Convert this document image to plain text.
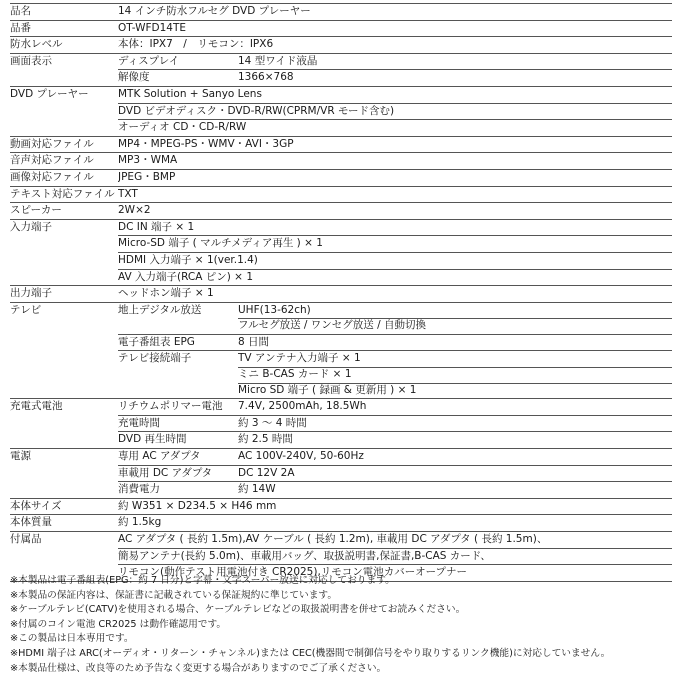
品名	14 インチ防水フルセグ DVD プレーヤー
品番	OT-WFD14TE
防水レベル	本体：IPX7　/　リモコン：IPX6
画面表示	ディスプレイ	14 型ワイド液晶
解像度	1366×768
DVD プレーヤー	MTK Solution + Sanyo Lens
DVD ビデオディスク・DVD-R/RW(CPRM/VR モード含む)
オーディオ CD・CD-R/RW
動画対応ファイル	MP4・MPEG-PS・WMV・AVI・3GP
音声対応ファイル	MP3・WMA
画像対応ファイル	JPEG・BMP
テキスト対応ファイル TXT
スピーカー	2W×2
入力端子	DC IN 端子 × 1
Micro-SD 端子 ( マルチメディア再生 ) × 1
HDMI 入力端子 × 1(ver.1.4)
AV 入力端子(RCA ピン) × 1
出力端子	ヘッドホン端子 × 1
テレビ	地上デジタル放送	UHF(13-62ch)
フルセグ放送 / ワンセグ放送 / 自動切換
電子番組表 EPG	8 日間
テレビ接続端子	TV アンテナ入力端子 × 1
ミニ B-CAS カード × 1
Micro SD 端子 ( 録画 & 更新用 ) × 1
充電式電池	リチウムポリマー電池	7.4V, 2500mAh, 18.5Wh
充電時間	約 3 ～ 4 時間
DVD 再生時間	約 2.5 時間
電源	専用 AC アダプタ	AC 100V-240V, 50-60Hz
車載用 DC アダプタ	DC 12V 2A
消費電力	約 14W
本体サイズ	約 W351 × D234.5 × H46 mm
本体質量	約 1.5kg
付属品	AC アダプタ ( 長約 1.5m),AV ケーブル ( 長約 1.2m), 車載用 DC アダプタ ( 長約 1.5m)、
簡易アンテナ(長約 5.0m)、車載用バッグ、取扱説明書,保証書,B-CAS カード、
リモコン(動作テスト用電池付き CR2025),リモコン電池カバーオープナー
※本製品は電子番組表(EPG：約 7 日分)と字幕・文字スーパー放送に対応しております。
※本製品の保証内容は、保証書に記載されている保証規約に準じています。
※ケーブルテレビ(CATV)を使用される場合、ケーブルテレビなどの取扱説明書を併せてお読みください。
※付属のコイン電池 CR2025 は動作確認用です。
※この製品は日本専用です。
※HDMI 端子は ARC(オーディオ・リターン・チャンネル)または CEC(機器間で制御信号をやり取りするリンク機能)に対応していません。
※本製品仕様は、改良等のため予告なく変更する場合がありますのでご了承ください。
